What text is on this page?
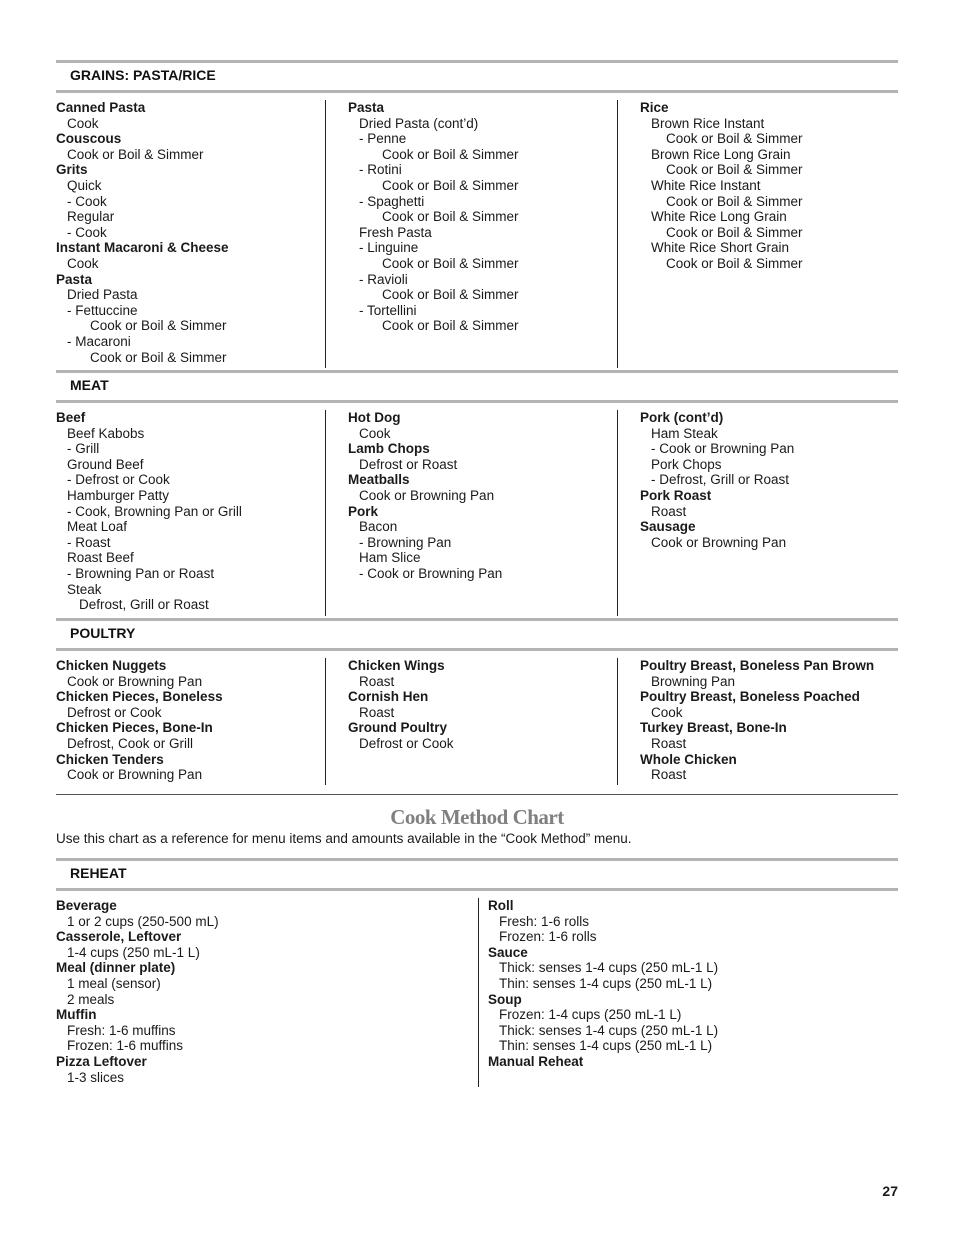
GRAINS: PASTA/RICE
Canned Pasta
Cook
Couscous
Cook or Boil & Simmer
Grits
Quick
- Cook
Regular
- Cook
Instant Macaroni & Cheese
Cook
Pasta
Dried Pasta
- Fettuccine
Cook or Boil & Simmer
- Macaroni
Cook or Boil & Simmer
Pasta
Dried Pasta (cont’d)
- Penne
Cook or Boil & Simmer
- Rotini
Cook or Boil & Simmer
- Spaghetti
Cook or Boil & Simmer
Fresh Pasta
- Linguine
Cook or Boil & Simmer
- Ravioli
Cook or Boil & Simmer
- Tortellini
Cook or Boil & Simmer
Rice
Brown Rice Instant
Cook or Boil & Simmer
Brown Rice Long Grain
Cook or Boil & Simmer
White Rice Instant
Cook or Boil & Simmer
White Rice Long Grain
Cook or Boil & Simmer
White Rice Short Grain
Cook or Boil & Simmer
MEAT
Beef
Beef Kabobs
- Grill
Ground Beef
- Defrost or Cook
Hamburger Patty
- Cook, Browning Pan or Grill
Meat Loaf
- Roast
Roast Beef
- Browning Pan or Roast
Steak
Defrost, Grill or Roast
Hot Dog
Cook
Lamb Chops
Defrost or Roast
Meatballs
Cook or Browning Pan
Pork
Bacon
- Browning Pan
Ham Slice
- Cook or Browning Pan
Pork (cont’d)
Ham Steak
- Cook or Browning Pan
Pork Chops
- Defrost, Grill or Roast
Pork Roast
Roast
Sausage
Cook or Browning Pan
POULTRY
Chicken Nuggets
Cook or Browning Pan
Chicken Pieces, Boneless
Defrost or Cook
Chicken Pieces, Bone-In
Defrost, Cook or Grill
Chicken Tenders
Cook or Browning Pan
Chicken Wings
Roast
Cornish Hen
Roast
Ground Poultry
Defrost or Cook
Poultry Breast, Boneless Pan Brown
Browning Pan
Poultry Breast, Boneless Poached
Cook
Turkey Breast, Bone-In
Roast
Whole Chicken
Roast
Cook Method Chart
Use this chart as a reference for menu items and amounts available in the “Cook Method” menu.
REHEAT
Beverage
1 or 2 cups (250-500 mL)
Casserole, Leftover
1-4 cups (250 mL-1 L)
Meal (dinner plate)
1 meal (sensor)
2 meals
Muffin
Fresh: 1-6 muffins
Frozen: 1-6 muffins
Pizza Leftover
1-3 slices
Roll
Fresh: 1-6 rolls
Frozen: 1-6 rolls
Sauce
Thick: senses 1-4 cups (250 mL-1 L)
Thin: senses 1-4 cups (250 mL-1 L)
Soup
Frozen: 1-4 cups (250 mL-1 L)
Thick: senses 1-4 cups (250 mL-1 L)
Thin: senses 1-4 cups (250 mL-1 L)
Manual Reheat
27
